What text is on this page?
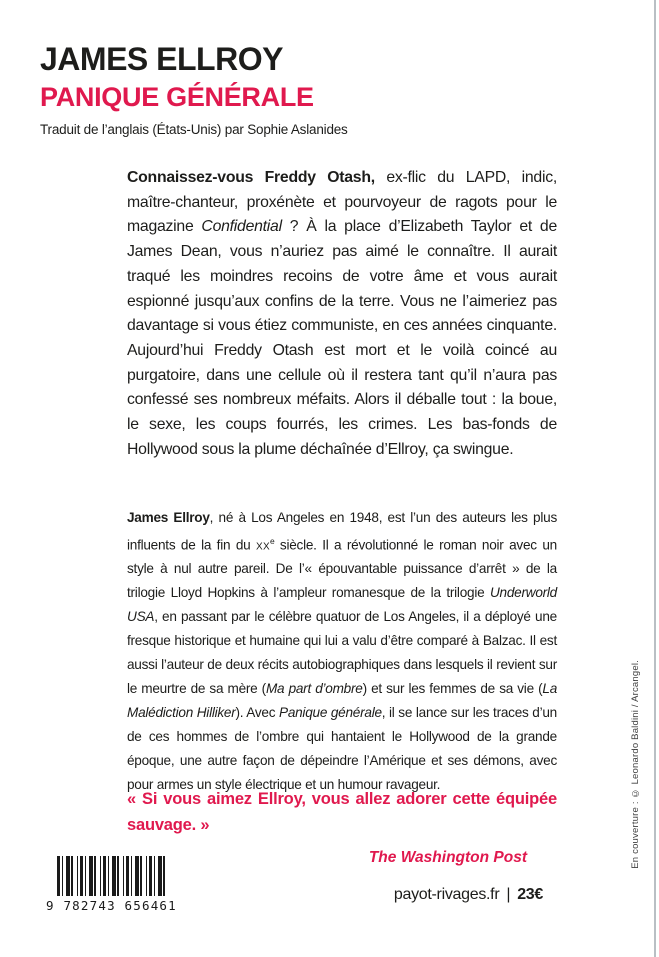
JAMES ELLROY
PANIQUE GÉNÉRALE

Traduit de l’anglais (États-Unis) par Sophie Aslanides

Connaissez-vous Freddy Otash, ex-flic du LAPD, indic, maître-chanteur, proxénète et pourvoyeur de ragots pour le magazine Confidential ? À la place d’Elizabeth Taylor et de James Dean, vous n’auriez pas aimé le connaître. Il aurait traqué les moindres recoins de votre âme et vous aurait espionné jusqu’aux confins de la terre. Vous ne l’aimeriez pas davantage si vous étiez communiste, en ces années cinquante. Aujourd’hui Freddy Otash est mort et le voilà coincé au purgatoire, dans une cellule où il restera tant qu’il n’aura pas confessé ses nombreux méfaits. Alors il déballe tout : la boue, le sexe, les coups fourrés, les crimes. Les bas-fonds de Hollywood sous la plume déchaînée d’Ellroy, ça swingue.

James Ellroy, né à Los Angeles en 1948, est l’un des auteurs les plus influents de la fin du $xx^e$ siècle. Il a révolutionné le roman noir avec un style à nul autre pareil. De l’« épouvantable puissance d’arrêt » de la trilogie Lloyd Hopkins à l’ampleur romanesque de la trilogie Underworld USA, en passant par le célèbre quatuor de Los Angeles, il a déployé une fresque historique et humaine qui lui a valu d’être comparé à Balzac. Il est aussi l’auteur de deux récits autobiographiques dans lesquels il revient sur le meurtre de sa mère (Ma part d’ombre) et sur les femmes de sa vie (La Malédiction Hilliker). Avec Panique générale, il se lance sur les traces d’un de ces hommes de l’ombre qui hantaient le Hollywood de la grande époque, une autre façon de dépeindre l’Amérique et ses démons, avec pour armes un style électrique et un humour ravageur.

« Si vous aimez Ellroy, vous allez adorer cette équipée sauvage. »

The Washington Post

9 782743 656461
payot-rivages.fr | 23€
En couverture : © Leonardo Baldini / Arcangel.
